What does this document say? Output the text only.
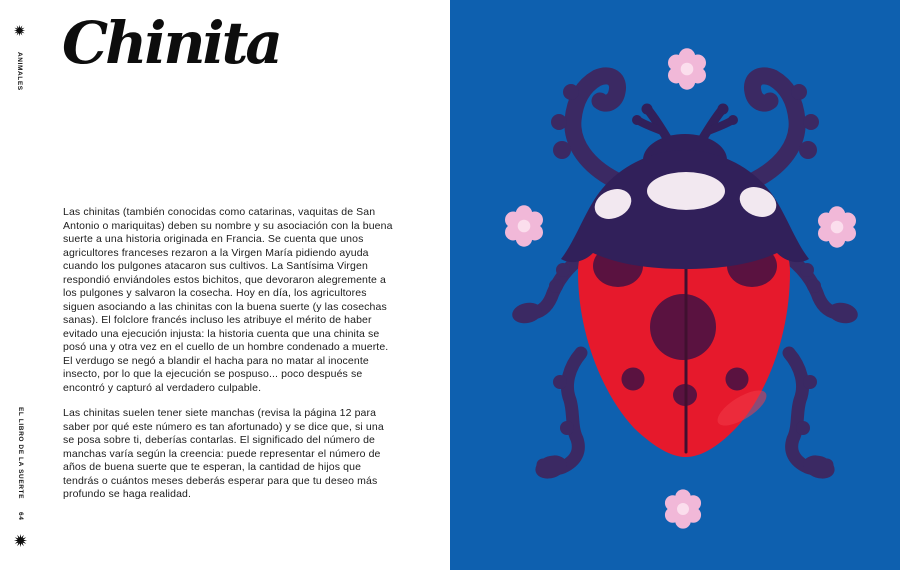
ANIMALES Chinita

Las chinitas (también conocidas como catarinas, vaquitas de San Antonio o mariquitas) deben su nombre y su asociación con la buena suerte a una historia originada en Francia. Se cuenta que unos agricultores franceses rezaron a la Virgen María pidiendo ayuda cuando los pulgones atacaron sus cultivos. La Santísima Virgen respondió enviándoles estos bichitos, que devoraron alegremente a los pulgones y salvaron la cosecha. Hoy en día, los agricultores siguen asociando a las chinitas con la buena suerte (y las cosechas sanas). El folclore francés incluso les atribuye el mérito de haber evitado una ejecución injusta: la historia cuenta que una chinita se posó una y otra vez en el cuello de un hombre condenado a muerte. El verdugo se negó a blandir el hacha para no matar al inocente insecto, por lo que la ejecución se pospuso... poco después se encontró y capturó al verdadero culpable.

Las chinitas suelen tener siete manchas (revisa la página 12 para saber por qué este número es tan afortunado) y se dice que, si una se posa sobre ti, deberías contarlas. El significado del número de manchas varía según la creencia: puede representar el número de años de buena suerte que te esperan, la cantidad de hijos que tendrás o cuántos meses deberás esperar para que tu deseo más profundo se haga realidad.

EL LIBRO DE LA SUERTE
64
